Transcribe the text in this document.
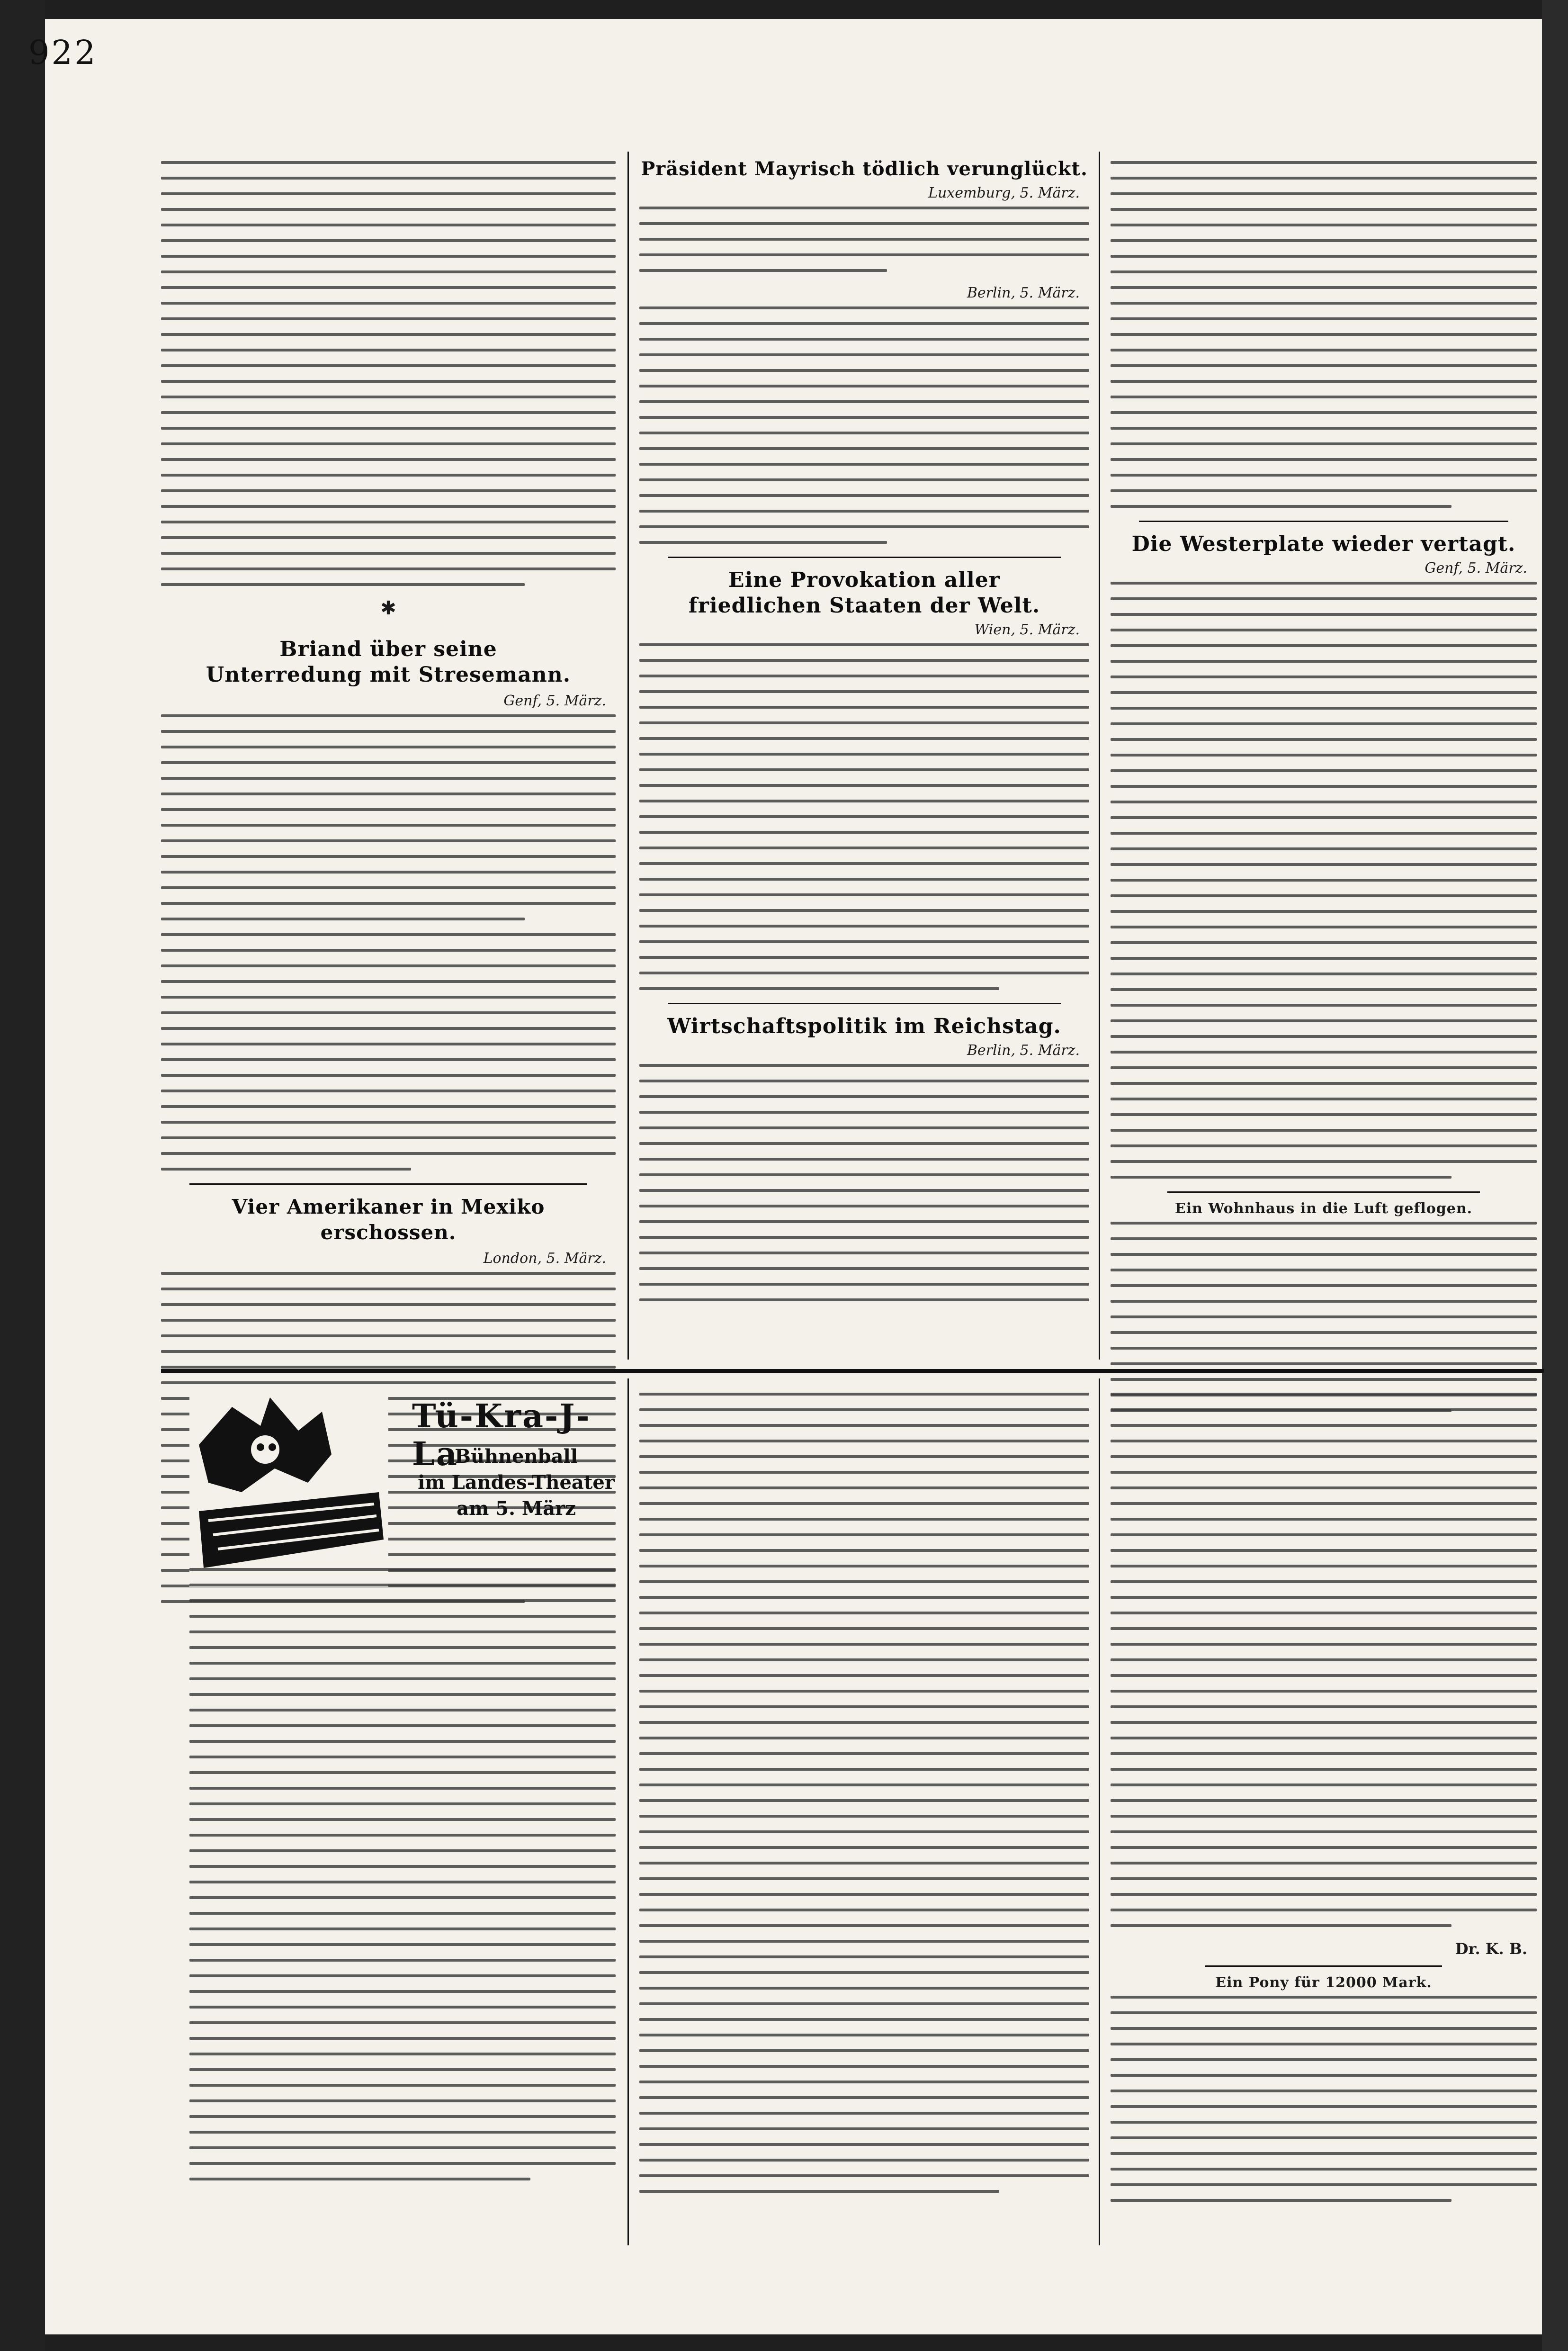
922
✱
Briand über seine Unterredung mit Stresemann.
Genf, 5. März.
Vier Amerikaner in Mexiko erschossen.
London, 5. März.
Präsident Mayrisch tödlich verunglückt.
Luxemburg, 5. März.
Berlin, 5. März.
Eine Provokation aller friedlichen Staaten der Welt.
Wien, 5. März.
Wirtschaftspolitik im Reichstag.
Berlin, 5. März.
Die Westerplate wieder vertagt.
Genf, 5. März.
Ein Wohnhaus in die Luft geflogen.
Tü-Kra-J-La
Bühnenball
im Landes-Theater
am 5. März
Dr. K. B.
Ein Pony für 12000 Mark.
